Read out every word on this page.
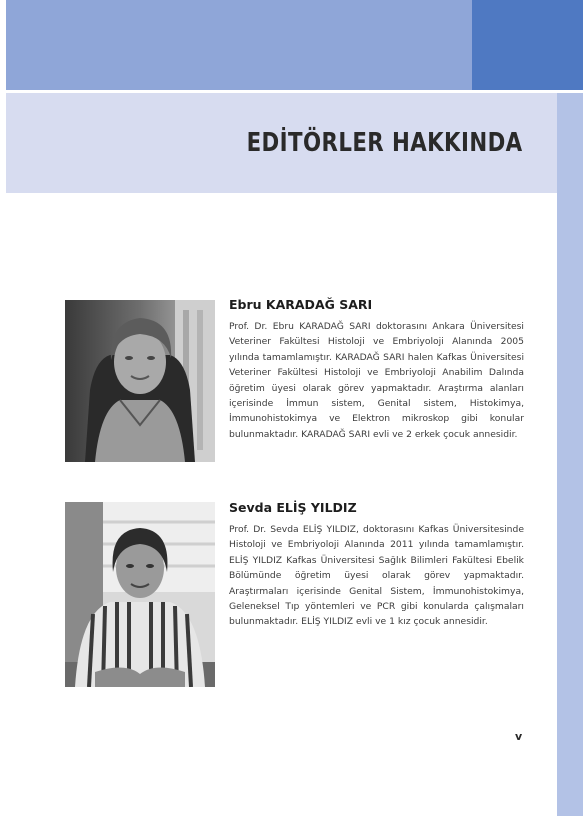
EDİTÖRLER HAKKINDA
Ebru KARADAĞ SARI

Prof. Dr. Ebru KARADAĞ SARI doktorasını Ankara Üniversitesi Veteriner Fakültesi Histoloji ve Embriyoloji Alanında 2005 yılında tamamlamıştır. KARADAĞ SARI halen Kafkas Üniversitesi Veteriner Fakültesi Histoloji ve Embriyoloji Anabilim Dalında öğretim üyesi olarak görev yapmaktadır. Araştırma alanları içerisinde İmmun sistem, Genital sistem, Histokimya, İmmunohistokimya ve Elektron mikroskop gibi konular bulunmaktadır. KARADAĞ SARI evli ve 2 erkek çocuk annesidir.

Sevda ELİŞ YILDIZ

Prof. Dr. Sevda ELİŞ YILDIZ, doktorasını Kafkas Üniversitesinde Histoloji ve Embriyoloji Alanında 2011 yılında tamamlamıştır. ELİŞ YILDIZ Kafkas Üniversitesi Sağlık Bilimleri Fakültesi Ebelik Bölümünde öğretim üyesi olarak görev yapmaktadır. Araştırmaları içerisinde Genital Sistem, İmmunohistokimya, Geleneksel Tıp yöntemleri ve PCR gibi konularda çalışmaları bulunmaktadır. ELİŞ YILDIZ evli ve 1 kız çocuk annesidir.

v
